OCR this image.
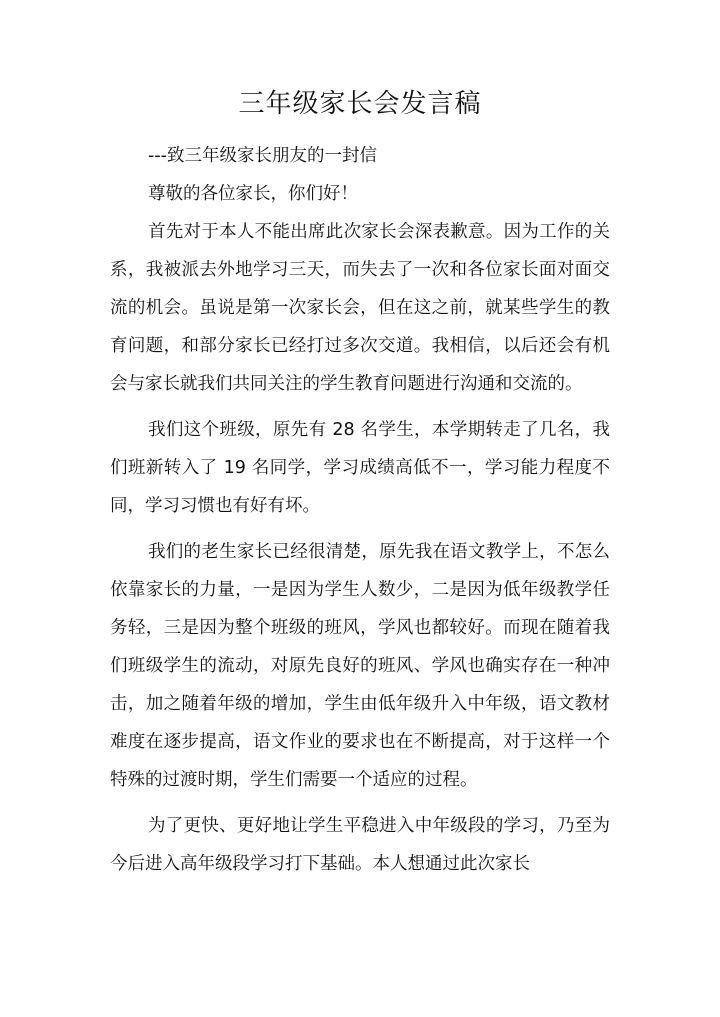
三年级家长会发言稿

---致三年级家长朋友的一封信

尊敬的各位家长，你们好！

首先对于本人不能出席此次家长会深表歉意。因为工作的关系，我被派去外地学习三天，而失去了一次和各位家长面对面交流的机会。虽说是第一次家长会，但在这之前，就某些学生的教育问题，和部分家长已经打过多次交道。我相信，以后还会有机会与家长就我们共同关注的学生教育问题进行沟通和交流的。

我们这个班级，原先有 28 名学生，本学期转走了几名，我们班新转入了 19 名同学，学习成绩高低不一，学习能力程度不同，学习习惯也有好有坏。

我们的老生家长已经很清楚，原先我在语文教学上，不怎么依靠家长的力量，一是因为学生人数少，二是因为低年级教学任务轻，三是因为整个班级的班风，学风也都较好。而现在随着我们班级学生的流动，对原先良好的班风、学风也确实存在一种冲击，加之随着年级的增加，学生由低年级升入中年级，语文教材难度在逐步提高，语文作业的要求也在不断提高，对于这样一个特殊的过渡时期，学生们需要一个适应的过程。

为了更快、更好地让学生平稳进入中年级段的学习，乃至为今后进入高年级段学习打下基础。本人想通过此次家长
